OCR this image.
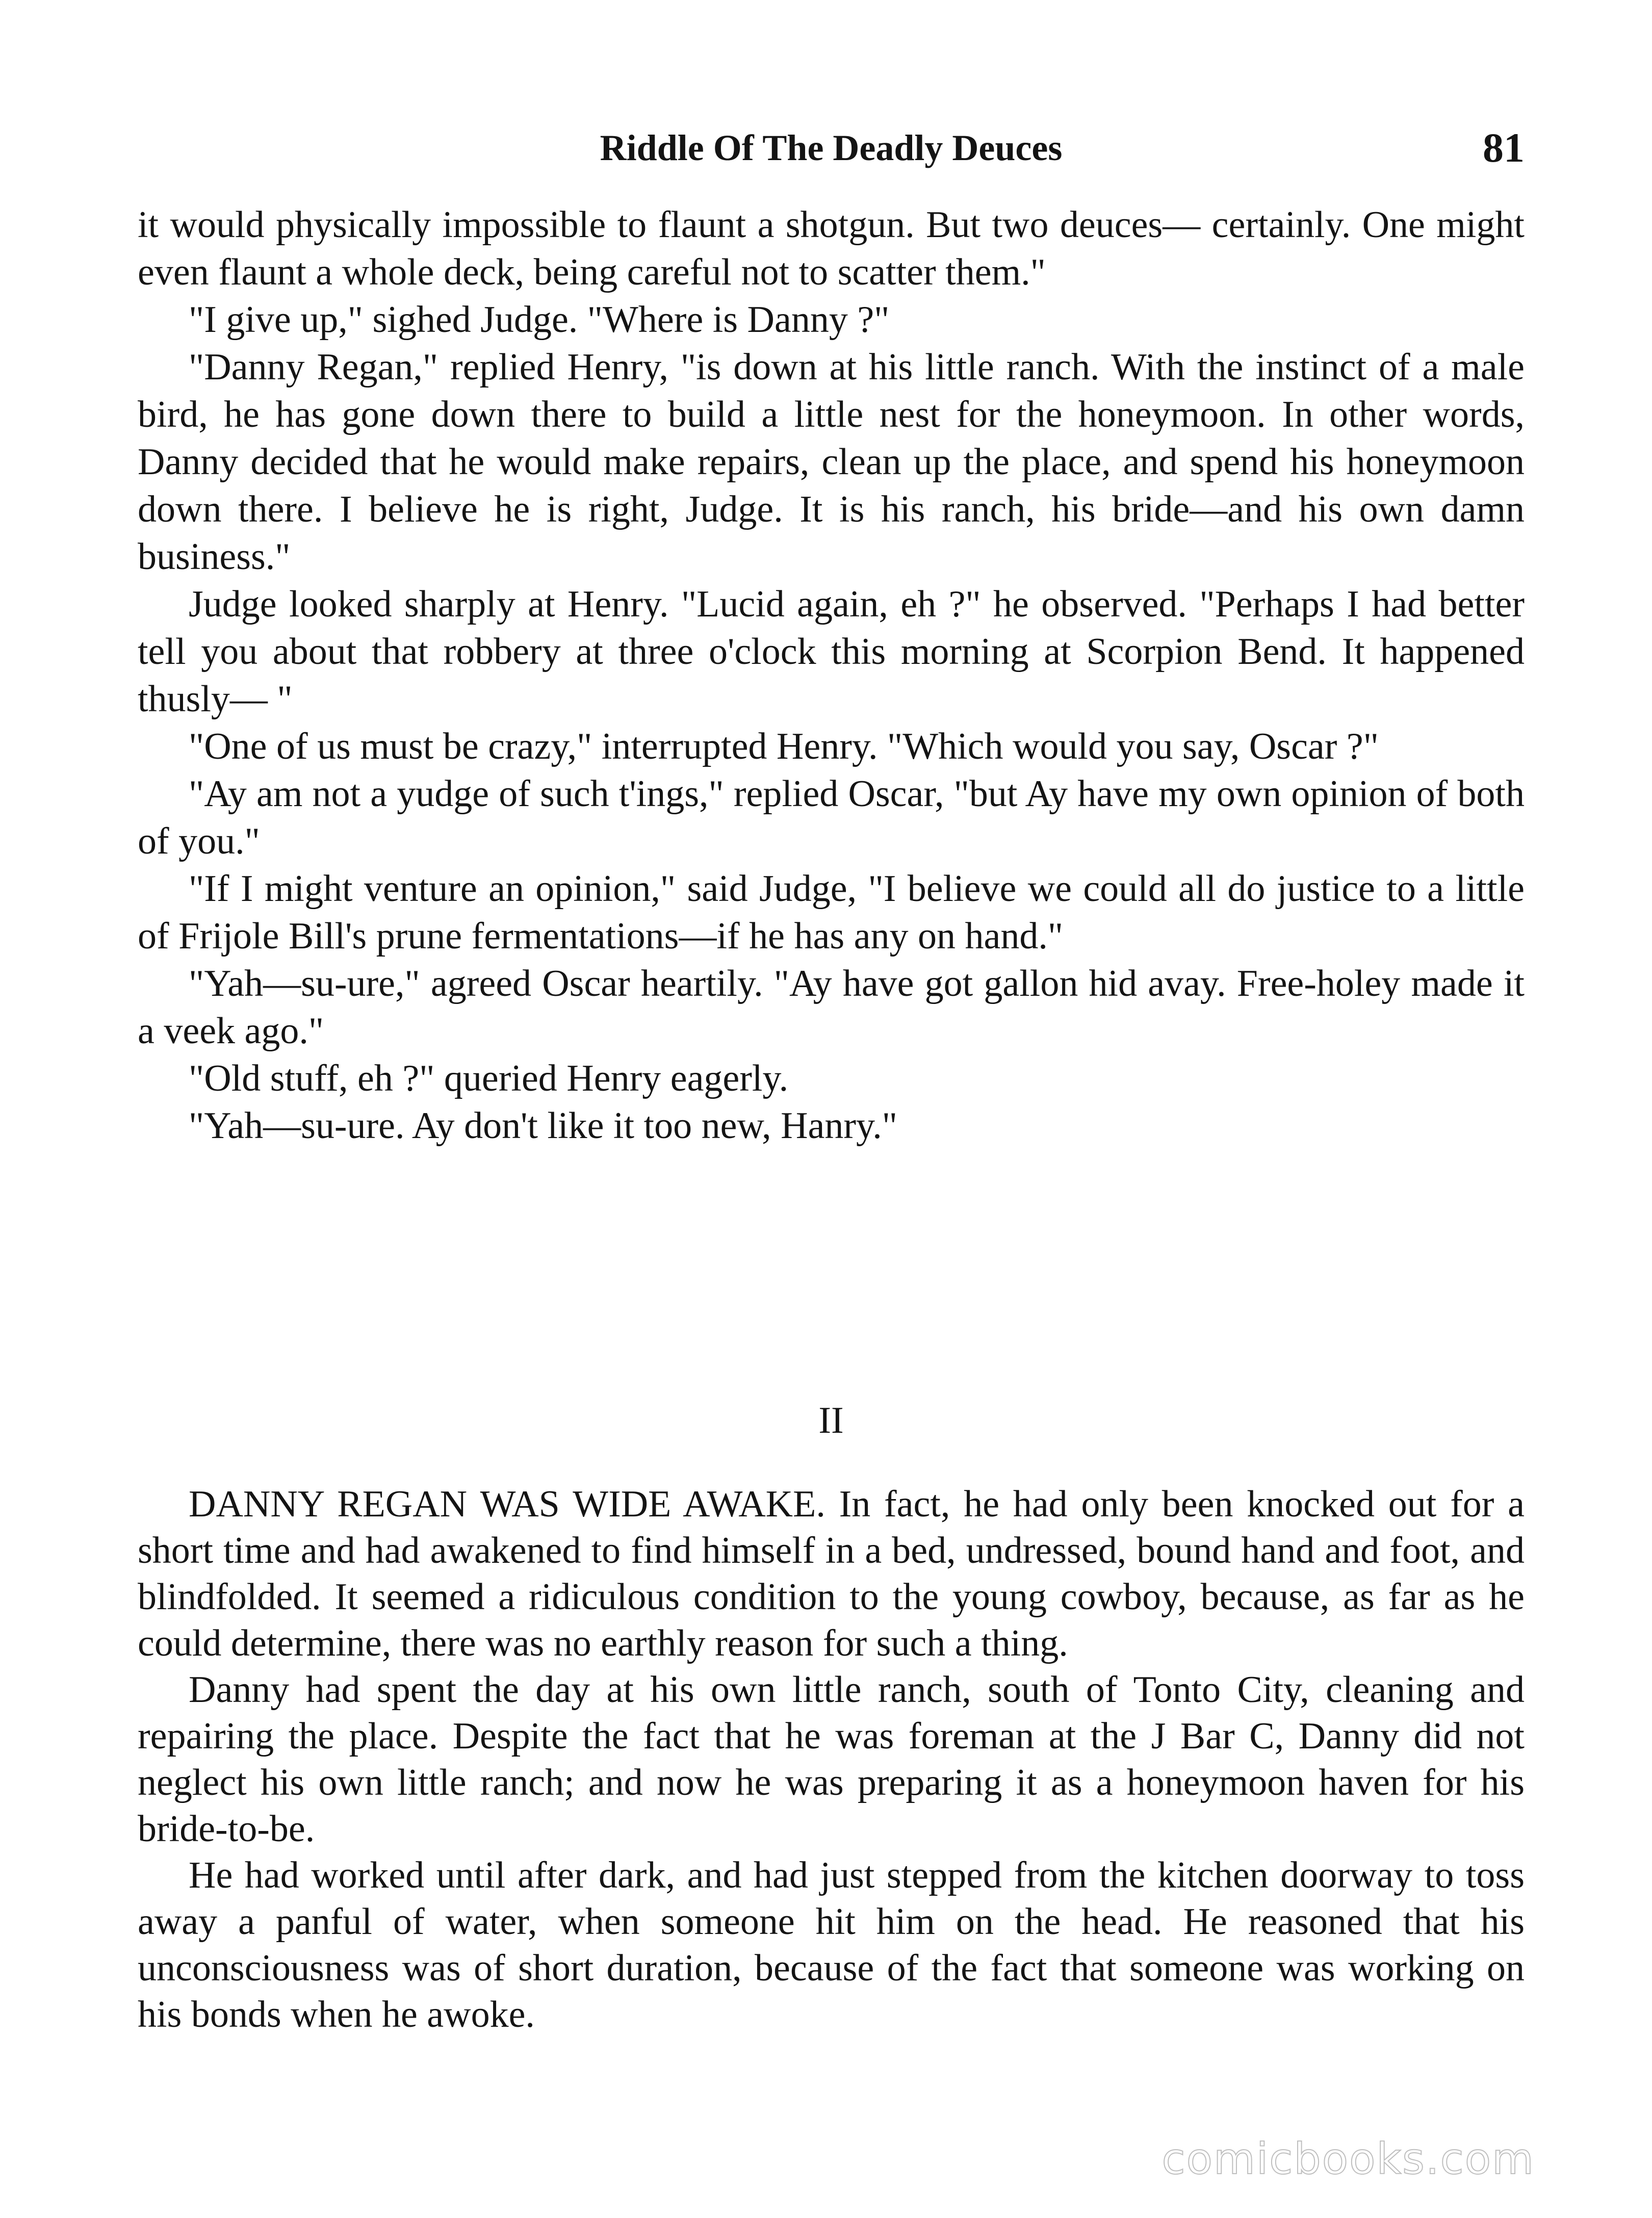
Riddle Of The Deadly Deuces	81

it would physically impossible to flaunt a shotgun. But two deuces— certainly. One might even flaunt a whole deck, being careful not to scatter them."

"I give up," sighed Judge. "Where is Danny ?"

"Danny Regan," replied Henry, "is down at his little ranch. With the instinct of a male bird, he has gone down there to build a little nest for the honeymoon. In other words, Danny decided that he would make repairs, clean up the place, and spend his honeymoon down there. I believe he is right, Judge. It is his ranch, his bride—and his own damn business."

Judge looked sharply at Henry. "Lucid again, eh ?" he observed. "Perhaps I had better tell you about that robbery at three o'clock this morning at Scorpion Bend. It happened thusly— "

"One of us must be crazy," interrupted Henry. "Which would you say, Oscar ?"

"Ay am not a yudge of such t'ings," replied Oscar, "but Ay have my own opinion of both of you."

"If I might venture an opinion," said Judge, "I believe we could all do justice to a little of Frijole Bill's prune fermentations—if he has any on hand."

"Yah—su-ure," agreed Oscar heartily. "Ay have got gallon hid avay. Free-holey made it a veek ago."

"Old stuff, eh ?" queried Henry eagerly.

"Yah—su-ure. Ay don't like it too new, Hanry."

II

DANNY REGAN WAS WIDE AWAKE. In fact, he had only been knocked out for a short time and had awakened to find himself in a bed, undressed, bound hand and foot, and blindfolded. It seemed a ridiculous condition to the young cowboy, because, as far as he could determine, there was no earthly reason for such a thing.

Danny had spent the day at his own little ranch, south of Tonto City, cleaning and repairing the place. Despite the fact that he was foreman at the J Bar C, Danny did not neglect his own little ranch; and now he was preparing it as a honeymoon haven for his bride-to-be.

He had worked until after dark, and had just stepped from the kitchen doorway to toss away a panful of water, when someone hit him on the head. He reasoned that his unconsciousness was of short duration, because of the fact that someone was working on his bonds when he awoke.

comicbooks.com
